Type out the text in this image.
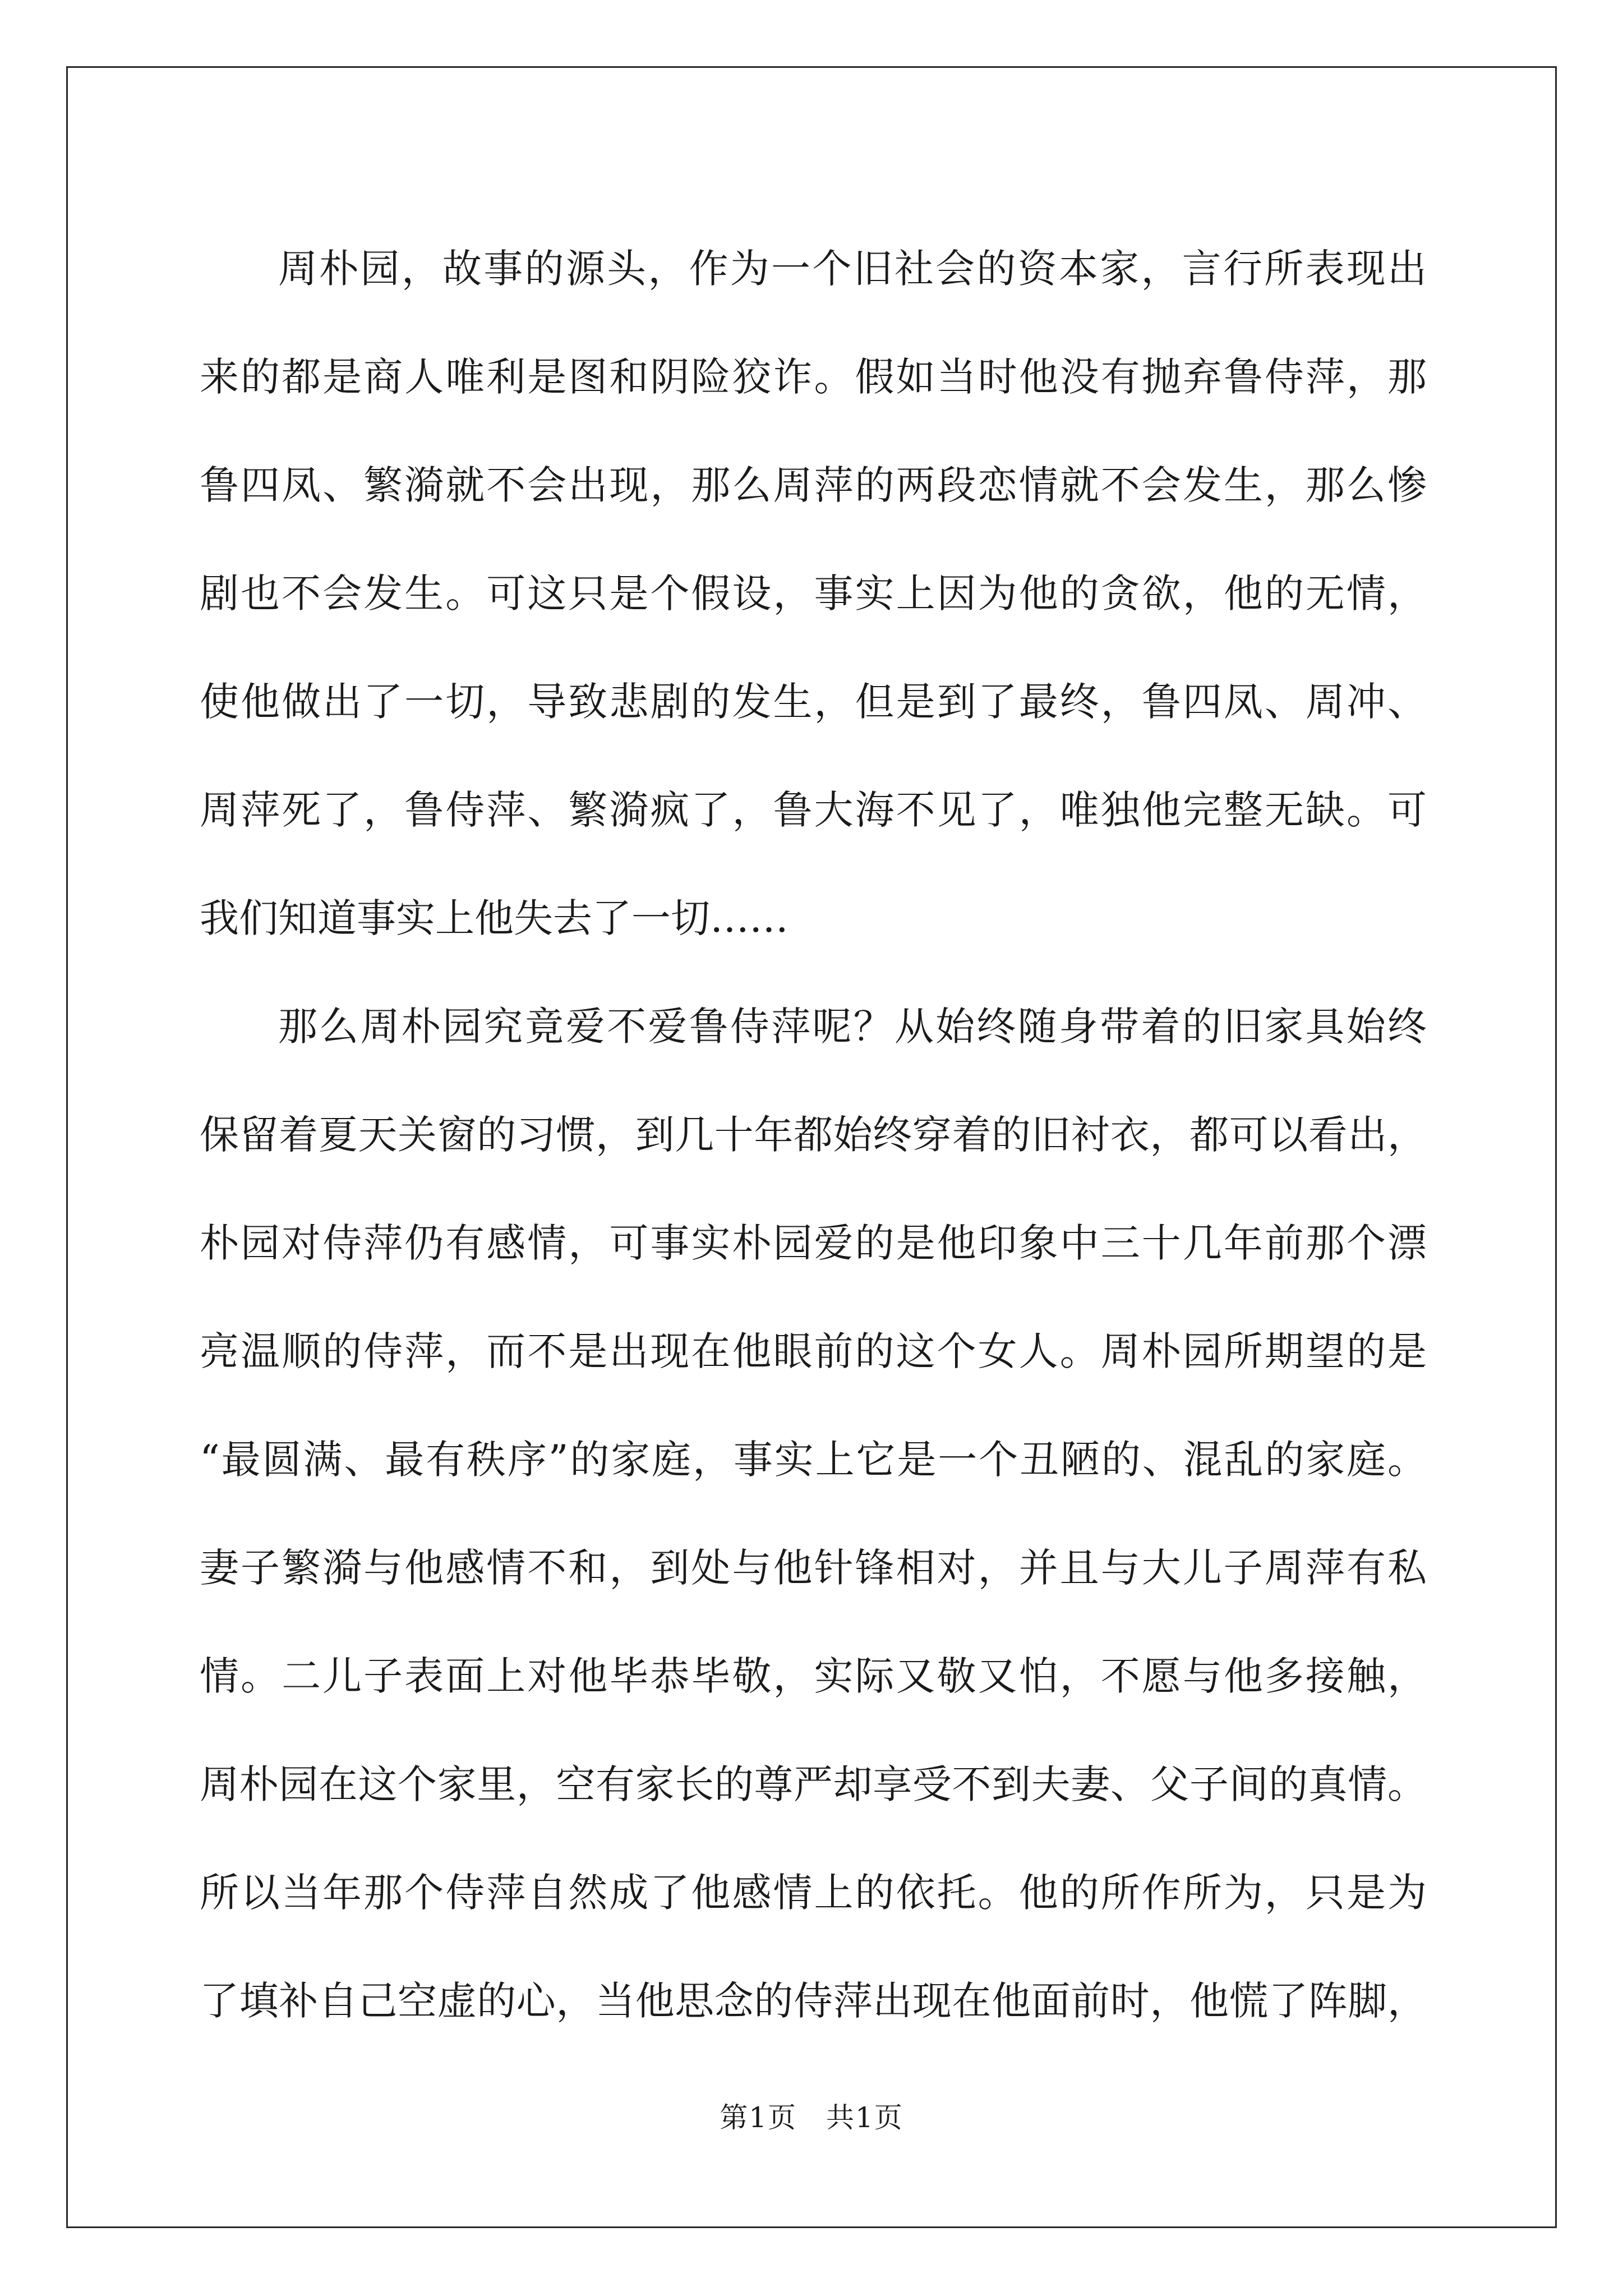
周朴园，故事的源头，作为一个旧社会的资本家，言行所表现出
来的都是商人唯利是图和阴险狡诈。假如当时他没有抛弃鲁侍萍，那
鲁四凤、繁漪就不会出现，那么周萍的两段恋情就不会发生，那么惨
剧也不会发生。可这只是个假设，事实上因为他的贪欲，他的无情，
使他做出了一切，导致悲剧的发生，但是到了最终，鲁四凤、周冲、
周萍死了，鲁侍萍、繁漪疯了，鲁大海不见了，唯独他完整无缺。可
我们知道事实上他失去了一切……
那么周朴园究竟爱不爱鲁侍萍呢？从始终随身带着的旧家具始终
保留着夏天关窗的习惯，到几十年都始终穿着的旧衬衣，都可以看出，
朴园对侍萍仍有感情，可事实朴园爱的是他印象中三十几年前那个漂
亮温顺的侍萍，而不是出现在他眼前的这个女人。周朴园所期望的是
“最圆满、最有秩序”的家庭，事实上它是一个丑陋的、混乱的家庭。
妻子繁漪与他感情不和，到处与他针锋相对，并且与大儿子周萍有私
情。二儿子表面上对他毕恭毕敬，实际又敬又怕，不愿与他多接触，
周朴园在这个家里，空有家长的尊严却享受不到夫妻、父子间的真情。
所以当年那个侍萍自然成了他感情上的依托。他的所作所为，只是为
了填补自己空虚的心，当他思念的侍萍出现在他面前时，他慌了阵脚，
第1页　共1页
